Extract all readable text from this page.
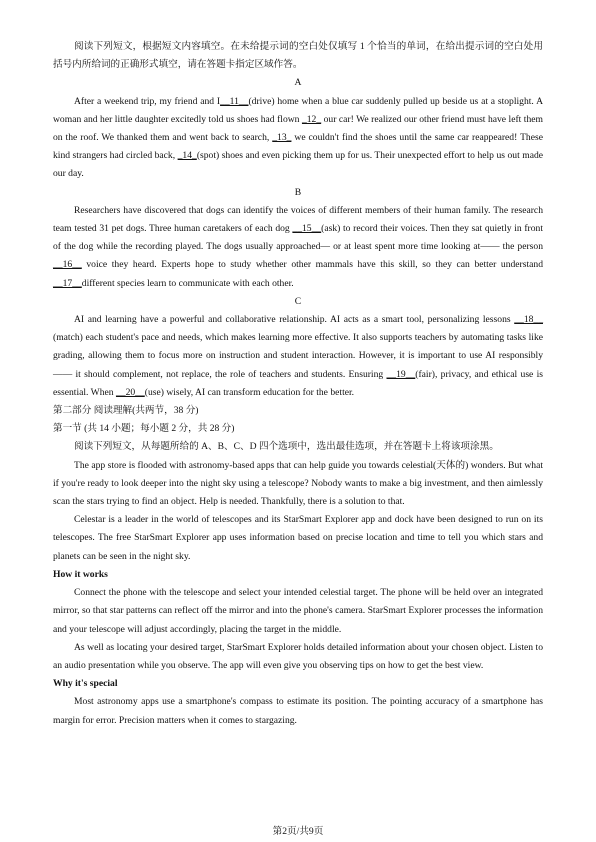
阅读下列短文，根据短文内容填空。在未给提示词的空白处仅填写 1 个恰当的单词，在给出提示词的空白处用括号内所给词的正确形式填空，请在答题卡指定区域作答。

A

After a weekend trip, my friend and I__11__(drive) home when a blue car suddenly pulled up beside us at a stoplight. A woman and her little daughter excitedly told us shoes had flown _12_ our car! We realized our other friend must have left them on the roof. We thanked them and went back to search, _13_ we couldn't find the shoes until the same car reappeared! These kind strangers had circled back, _14_(spot) shoes and even picking them up for us. Their unexpected effort to help us out made our day.

B

Researchers have discovered that dogs can identify the voices of different members of their human family. The research team tested 31 pet dogs. Three human caretakers of each dog __15__(ask) to record their voices. Then they sat quietly in front of the dog while the recording played. The dogs usually approached— or at least spent more time looking at—— the person __16__ voice they heard. Experts hope to study whether other mammals have this skill, so they can better understand __17__different species learn to communicate with each other.

C

AI and learning have a powerful and collaborative relationship. AI acts as a smart tool, personalizing lessons __18__ (match) each student's pace and needs, which makes learning more effective. It also supports teachers by automating tasks like grading, allowing them to focus more on instruction and student interaction. However, it is important to use AI responsibly—— it should complement, not replace, the role of teachers and students. Ensuring __19__(fair), privacy, and ethical use is essential. When __20__(use) wisely, AI can transform education for the better.

第二部分 阅读理解(共两节，38 分)

第一节 (共 14 小题；每小题 2 分，共 28 分)

阅读下列短文，从每题所给的 A、B、C、D 四个选项中，选出最佳选项，并在答题卡上将该项涂黑。

The app store is flooded with astronomy-based apps that can help guide you towards celestial(天体的) wonders. But what if you're ready to look deeper into the night sky using a telescope? Nobody wants to make a big investment, and then aimlessly scan the stars trying to find an object. Help is needed. Thankfully, there is a solution to that.

Celestar is a leader in the world of telescopes and its StarSmart Explorer app and dock have been designed to run on its telescopes. The free StarSmart Explorer app uses information based on precise location and time to tell you which stars and planets can be seen in the night sky.

How it works

Connect the phone with the telescope and select your intended celestial target. The phone will be held over an integrated mirror, so that star patterns can reflect off the mirror and into the phone's camera. StarSmart Explorer processes the information and your telescope will adjust accordingly, placing the target in the middle.

As well as locating your desired target, StarSmart Explorer holds detailed information about your chosen object. Listen to an audio presentation while you observe. The app will even give you observing tips on how to get the best view.

Why it's special

Most astronomy apps use a smartphone's compass to estimate its position. The pointing accuracy of a smartphone has margin for error. Precision matters when it comes to stargazing.

第2页/共9页
